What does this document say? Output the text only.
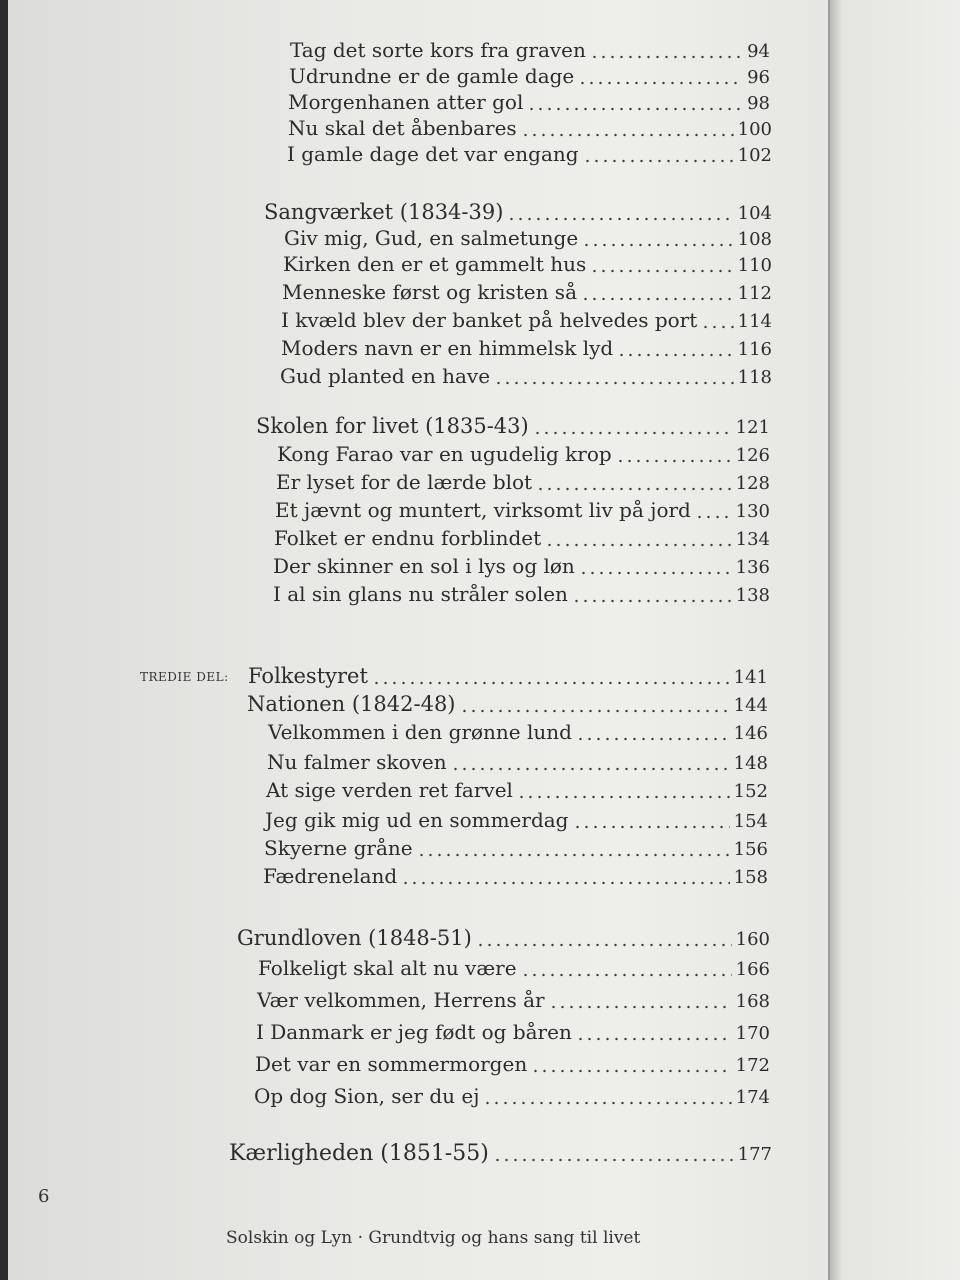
Tag det sorte kors fra graven	94
Udrundne er de gamle dage	96
Morgenhanen atter gol	98
Nu skal det åbenbares	100
I gamle dage det var engang	102
Sangværket (1834-39)	104
Giv mig, Gud, en salmetunge	108
Kirken den er et gammelt hus	110
Menneske først og kristen så	112
I kvæld blev der banket på helvedes port 114
Moders navn er en himmelsk lyd	116
Gud planted en have	118
Skolen for livet (1835-43)	121
Kong Farao var en ugudelig krop	126
Er lyset for de lærde blot	128
Et jævnt og muntert, virksomt liv på jord 130
Folket er endnu forblindet	134
Der skinner en sol i lys og løn	136
I al sin glans nu stråler solen	138
TREDIE DEL: Folkestyret	141
Nationen (1842-48)	144
Velkommen i den grønne lund	146
Nu falmer skoven	148
At sige verden ret farvel	152
Jeg gik mig ud en sommerdag	154
Skyerne gråne	156
Fædreneland	158
Grundloven (1848-51)	160
Folkeligt skal alt nu være	166
Vær velkommen, Herrens år	168
I Danmark er jeg født og båren	170
Det var en sommermorgen	172
Op dog Sion, ser du ej	174
Kærligheden (1851-55)	177
6
Solskin og Lyn · Grundtvig og hans sang til livet
